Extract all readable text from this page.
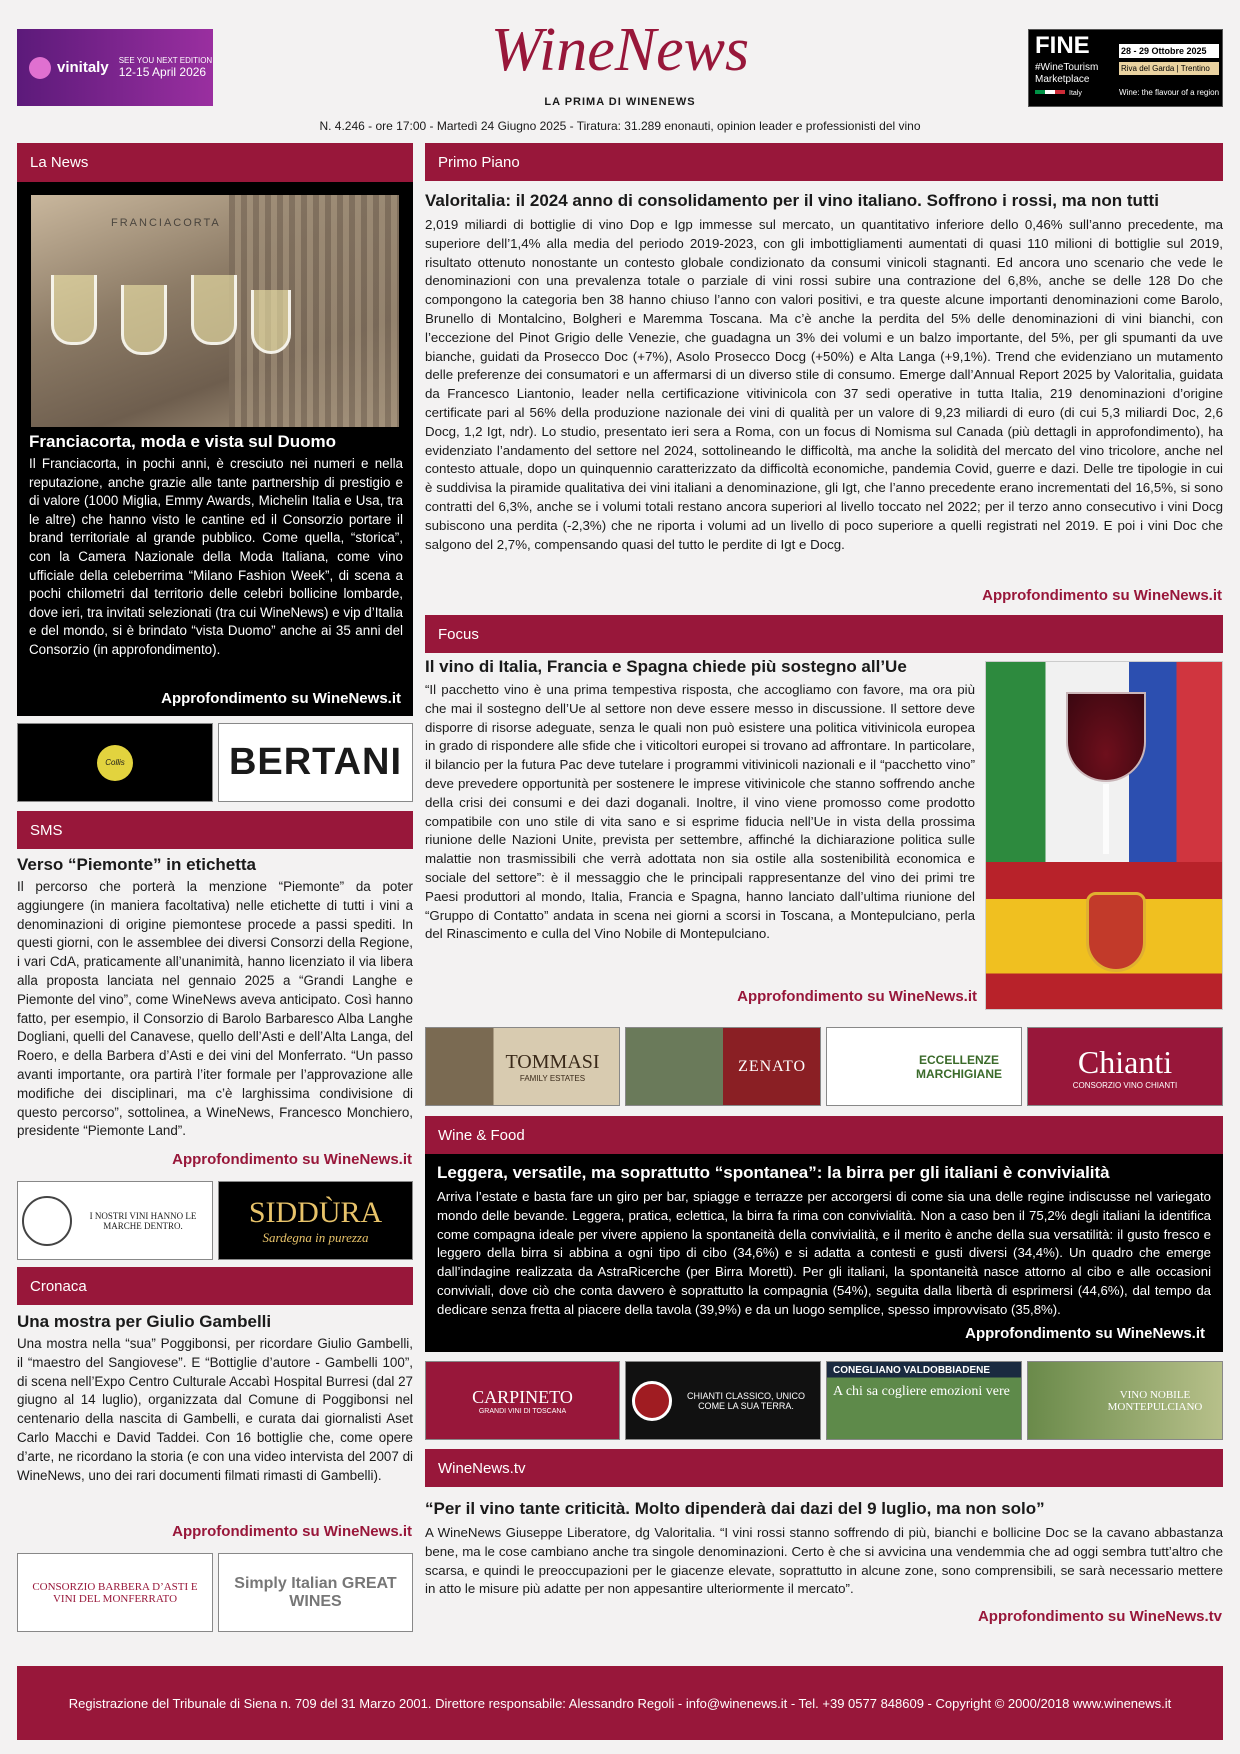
vinitaly SEE YOU NEXT EDITION
12-15 April 2026	WineNews
LA PRIMA DI WINENEWS
N. 4.246 - ore 17:00 - Martedì 24 Giugno 2025 - Tiratura: 31.289 enonauti, opinion leader e professionisti del vino
FINE
#WineTourism Marketplace
Italy
28 - 29 Ottobre 2025
Riva del Garda | Trentino
Wine: the flavour of a region
La News
FRANCIACORTA
Franciacorta, moda e vista sul Duomo
Il Franciacorta, in pochi anni, è cresciuto nei numeri e nella reputazione, anche grazie alle tante partnership di prestigio e di valore (1000 Miglia, Emmy Awards, Michelin Italia e Usa, tra le altre) che hanno visto le cantine ed il Consorzio portare il brand territoriale al grande pubblico. Come quella, “storica”, con la Camera Nazionale della Moda Italiana, come vino ufficiale della celeberrima “Milano Fashion Week”, di scena a pochi chilometri dal territorio delle celebri bollicine lombarde, dove ieri, tra invitati selezionati (tra cui WineNews) e vip d’Italia e del mondo, si è brindato “vista Duomo” anche ai 35 anni del Consorzio (in approfondimento).
Approfondimento su WineNews.it
Collis	BERTANI
SMS
Verso “Piemonte” in etichetta
Il percorso che porterà la menzione “Piemonte” da poter aggiungere (in maniera facoltativa) nelle etichette di tutti i vini a denominazioni di origine piemontese procede a passi spediti. In questi giorni, con le assemblee dei diversi Consorzi della Regione, i vari CdA, praticamente all’unanimità, hanno licenziato il via libera alla proposta lanciata nel gennaio 2025 a “Grandi Langhe e Piemonte del vino”, come WineNews aveva anticipato. Così hanno fatto, per esempio, il Consorzio di Barolo Barbaresco Alba Langhe Dogliani, quelli del Canavese, quello dell’Asti e dell’Alta Langa, del Roero, e della Barbera d’Asti e dei vini del Monferrato. “Un passo avanti importante, ora partirà l’iter formale per l’approvazione alle modifiche dei disciplinari, ma c’è larghissima condivisione di questo percorso”, sottolinea, a WineNews, Francesco Monchiero, presidente “Piemonte Land”.
Approfondimento su WineNews.it
I NOSTRI VINI HANNO LE MARCHE DENTRO.	SIDDÙRA
Sardegna in purezza
Cronaca
Una mostra per Giulio Gambelli
Una mostra nella “sua” Poggibonsi, per ricordare Giulio Gambelli, il “maestro del Sangiovese”. E “Bottiglie d’autore - Gambelli 100”, di scena nell’Expo Centro Culturale Accabì Hospital Burresi (dal 27 giugno al 14 luglio), organizzata dal Comune di Poggibonsi nel centenario della nascita di Gambelli, e curata dai giornalisti Aset Carlo Macchi e David Taddei. Con 16 bottiglie che, come opere d’arte, ne ricordano la storia (e con una video intervista del 2007 di WineNews, uno dei rari documenti filmati rimasti di Gambelli).
Approfondimento su WineNews.it
CONSORZIO BARBERA D’ASTI E VINI DEL MONFERRATO
Simply Italian GREAT WINES
Primo Piano
Valoritalia: il 2024 anno di consolidamento per il vino italiano. Soffrono i rossi, ma non tutti
2,019 miliardi di bottiglie di vino Dop e Igp immesse sul mercato, un quantitativo inferiore dello 0,46% sull’anno precedente, ma superiore dell’1,4% alla media del periodo 2019-2023, con gli imbottigliamenti aumentati di quasi 110 milioni di bottiglie sul 2019, risultato ottenuto nonostante un contesto globale condizionato da consumi vinicoli stagnanti. Ed ancora uno scenario che vede le denominazioni con una prevalenza totale o parziale di vini rossi subire una contrazione del 6,8%, anche se delle 128 Do che compongono la categoria ben 38 hanno chiuso l’anno con valori positivi, e tra queste alcune importanti denominazioni come Barolo, Brunello di Montalcino, Bolgheri e Maremma Toscana. Ma c’è anche la perdita del 5% delle denominazioni di vini bianchi, con l’eccezione del Pinot Grigio delle Venezie, che guadagna un 3% dei volumi e un balzo importante, del 5%, per gli spumanti da uve bianche, guidati da Prosecco Doc (+7%), Asolo Prosecco Docg (+50%) e Alta Langa (+9,1%). Trend che evidenziano un mutamento delle preferenze dei consumatori e un affermarsi di un diverso stile di consumo. Emerge dall’Annual Report 2025 by Valoritalia, guidata da Francesco Liantonio, leader nella certificazione vitivinicola con 37 sedi operative in tutta Italia, 219 denominazioni d’origine certificate pari al 56% della produzione nazionale dei vini di qualità per un valore di 9,23 miliardi di euro (di cui 5,3 miliardi Doc, 2,6 Docg, 1,2 Igt, ndr). Lo studio, presentato ieri sera a Roma, con un focus di Nomisma sul Canada (più dettagli in approfondimento), ha evidenziato l’andamento del settore nel 2024, sottolineando le difficoltà, ma anche la solidità del mercato del vino tricolore, anche nel contesto attuale, dopo un quinquennio caratterizzato da difficoltà economiche, pandemia Covid, guerre e dazi. Delle tre tipologie in cui è suddivisa la piramide qualitativa dei vini italiani a denominazione, gli Igt, che l’anno precedente erano incrementati del 16,5%, si sono contratti del 6,3%, anche se i volumi totali restano ancora superiori al livello toccato nel 2022; per il terzo anno consecutivo i vini Docg subiscono una perdita (-2,3%) che ne riporta i volumi ad un livello di poco superiore a quelli registrati nel 2019. E poi i vini Doc che salgono del 2,7%, compensando quasi del tutto le perdite di Igt e Docg.
Approfondimento su WineNews.it
Focus
Il vino di Italia, Francia e Spagna chiede più sostegno all’Ue
“Il pacchetto vino è una prima tempestiva risposta, che accogliamo con favore, ma ora più che mai il sostegno dell’Ue al settore non deve essere messo in discussione. Il settore deve disporre di risorse adeguate, senza le quali non può esistere una politica vitivinicola europea in grado di rispondere alle sfide che i viticoltori europei si trovano ad affrontare. In particolare, il bilancio per la futura Pac deve tutelare i programmi vitivinicoli nazionali e il “pacchetto vino” deve prevedere opportunità per sostenere le imprese vitivinicole che stanno soffrendo anche della crisi dei consumi e dei dazi doganali. Inoltre, il vino viene promosso come prodotto compatibile con uno stile di vita sano e si esprime fiducia nell’Ue in vista della prossima riunione delle Nazioni Unite, prevista per settembre, affinché la dichiarazione politica sulle malattie non trasmissibili che verrà adottata non sia ostile alla sostenibilità economica e sociale del settore”: è il messaggio che le principali rappresentanze del vino dei primi tre Paesi produttori al mondo, Italia, Francia e Spagna, hanno lanciato dall’ultima riunione del “Gruppo di Contatto” andata in scena nei giorni a scorsi in Toscana, a Montepulciano, perla del Rinascimento e culla del Vino Nobile di Montepulciano.
Approfondimento su WineNews.it
TOMMASI
FAMILY ESTATES
ZENATO	ECCELLENZE MARCHIGIANE	Chianti
CONSORZIO VINO CHIANTI
Wine & Food
Leggera, versatile, ma soprattutto “spontanea”: la birra per gli italiani è convivialità
Arriva l’estate e basta fare un giro per bar, spiagge e terrazze per accorgersi di come sia una delle regine indiscusse nel variegato mondo delle bevande. Leggera, pratica, eclettica, la birra fa rima con convivialità. Non a caso ben il 75,2% degli italiani la identifica come compagna ideale per vivere appieno la spontaneità della convivialità, e il merito è anche della sua versatilità: il gusto fresco e leggero della birra si abbina a ogni tipo di cibo (34,6%) e si adatta a contesti e gusti diversi (34,4%). Un quadro che emerge dall’indagine realizzata da AstraRicerche (per Birra Moretti). Per gli italiani, la spontaneità nasce attorno al cibo e alle occasioni conviviali, dove ciò che conta davvero è soprattutto la compagnia (54%), seguita dalla libertà di esprimersi (44,6%), dal tempo da dedicare senza fretta al piacere della tavola (39,9%) e da un luogo semplice, spesso improvvisato (35,8%).
Approfondimento su WineNews.it
CARPINETO
GRANDI VINI DI TOSCANA
CHIANTI CLASSICO, UNICO COME LA SUA TERRA.
CONEGLIANO VALDOBBIADENE
A chi sa cogliere emozioni vere	VINO NOBILE MONTEPULCIANO
WineNews.tv
“Per il vino tante criticità. Molto dipenderà dai dazi del 9 luglio, ma non solo”
A WineNews Giuseppe Liberatore, dg Valoritalia. “I vini rossi stanno soffrendo di più, bianchi e bollicine Doc se la cavano abbastanza bene, ma le cose cambiano anche tra singole denominazioni. Certo è che si avvicina una vendemmia che ad oggi sembra tutt’altro che scarsa, e quindi le preoccupazioni per le giacenze elevate, soprattutto in alcune zone, sono comprensibili, se sarà necessario mettere in atto le misure più adatte per non appesantire ulteriormente il mercato”.
Approfondimento su WineNews.tv
Registrazione del Tribunale di Siena n. 709 del 31 Marzo 2001. Direttore responsabile: Alessandro Regoli - info@winenews.it - Tel. +39 0577 848609 - Copyright © 2000/2018 www.winenews.it
